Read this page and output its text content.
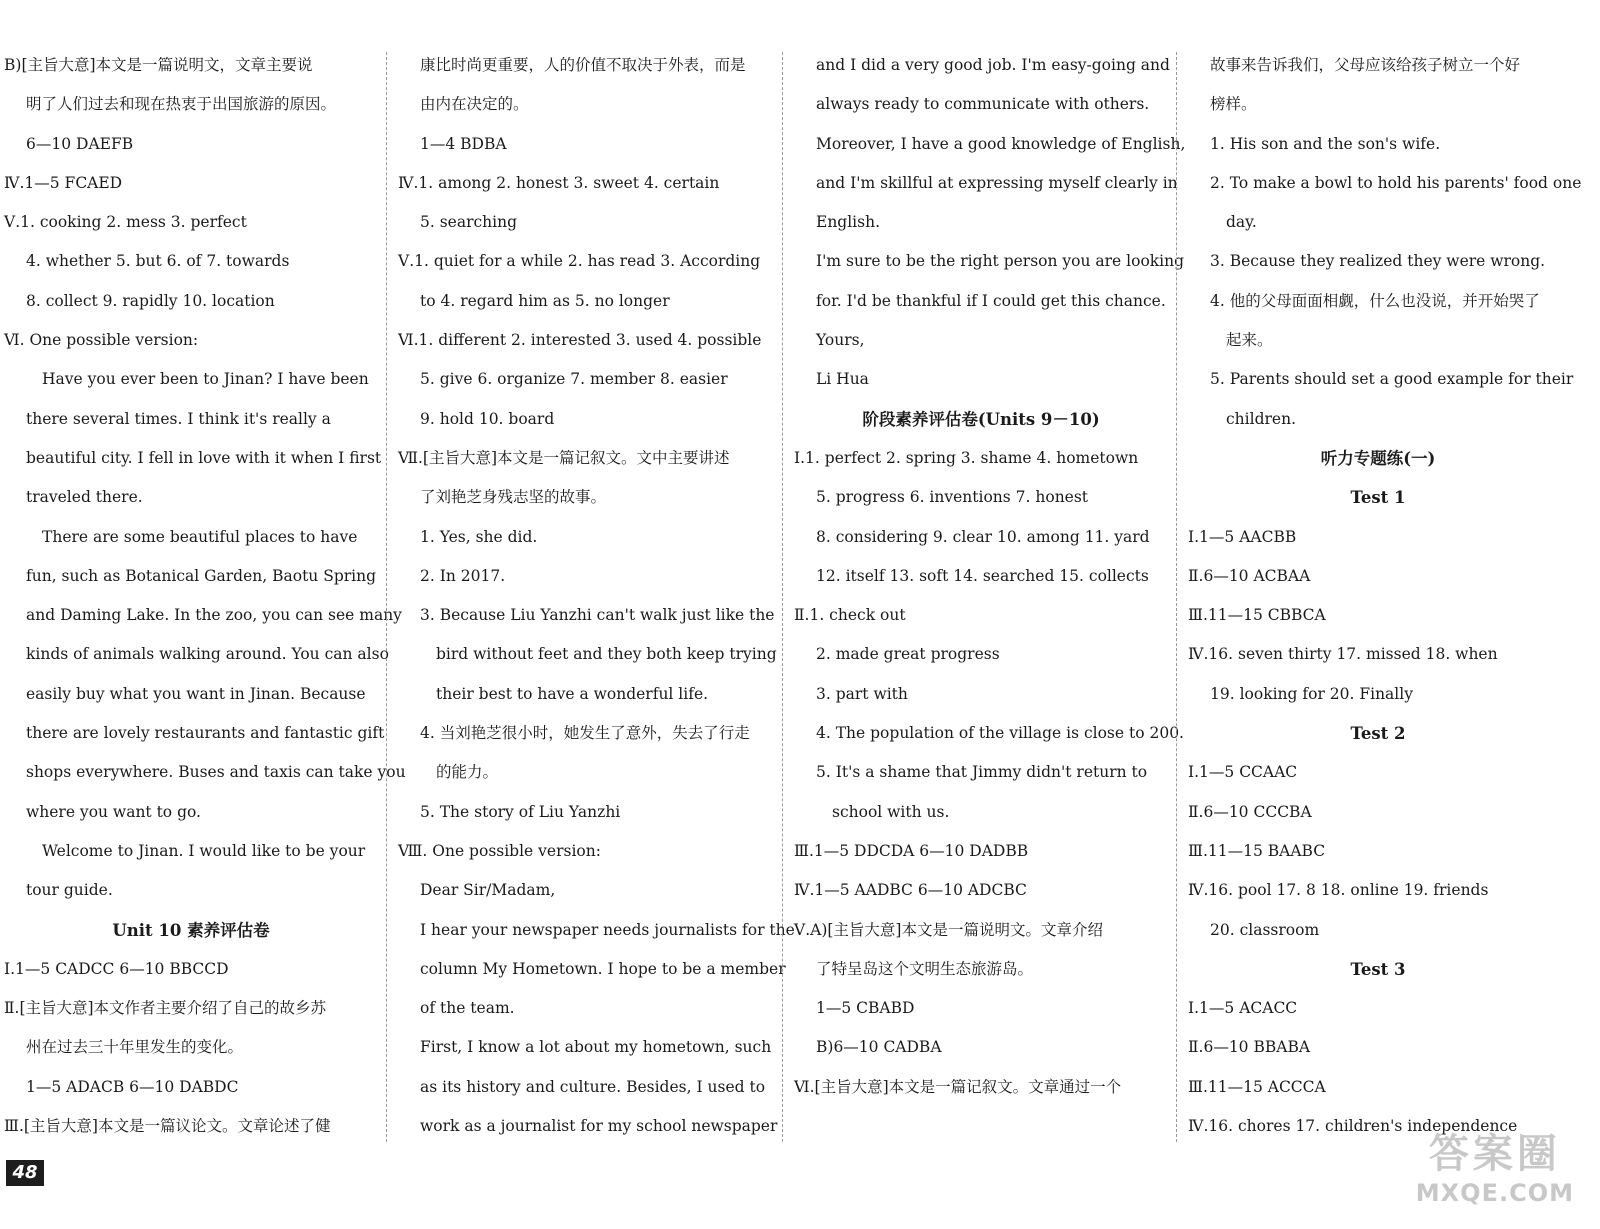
B)[主旨大意]本文是一篇说明文，文章主要说
明了人们过去和现在热衷于出国旅游的原因。
6—10 DAEFB
Ⅳ.1—5 FCAED
Ⅴ.1. cooking 2. mess 3. perfect
4. whether 5. but 6. of 7. towards
8. collect 9. rapidly 10. location
Ⅵ. One possible version:
Have you ever been to Jinan? I have been
there several times. I think it's really a
beautiful city. I fell in love with it when I first
traveled there.
There are some beautiful places to have
fun, such as Botanical Garden, Baotu Spring
and Daming Lake. In the zoo, you can see many
kinds of animals walking around. You can also
easily buy what you want in Jinan. Because
there are lovely restaurants and fantastic gift
shops everywhere. Buses and taxis can take you
where you want to go.
Welcome to Jinan. I would like to be your
tour guide.
Unit 10 素养评估卷
Ⅰ.1—5 CADCC 6—10 BBCCD
Ⅱ.[主旨大意]本文作者主要介绍了自己的故乡苏
州在过去三十年里发生的变化。
1—5 ADACB 6—10 DABDC
Ⅲ.[主旨大意]本文是一篇议论文。文章论述了健
康比时尚更重要，人的价值不取决于外表，而是
由内在决定的。
1—4 BDBA
Ⅳ.1. among 2. honest 3. sweet 4. certain
5. searching
Ⅴ.1. quiet for a while 2. has read 3. According
to 4. regard him as 5. no longer
Ⅵ.1. different 2. interested 3. used 4. possible
5. give 6. organize 7. member 8. easier
9. hold 10. board
Ⅶ.[主旨大意]本文是一篇记叙文。文中主要讲述
了刘艳芝身残志坚的故事。
1. Yes, she did.
2. In 2017.
3. Because Liu Yanzhi can't walk just like the
bird without feet and they both keep trying
their best to have a wonderful life.
4. 当刘艳芝很小时，她发生了意外，失去了行走
的能力。
5. The story of Liu Yanzhi
Ⅷ. One possible version:
Dear Sir/Madam,
I hear your newspaper needs journalists for the
column My Hometown. I hope to be a member
of the team.
First, I know a lot about my hometown, such
as its history and culture. Besides, I used to
work as a journalist for my school newspaper
and I did a very good job. I'm easy-going and
always ready to communicate with others.
Moreover, I have a good knowledge of English,
and I'm skillful at expressing myself clearly in
English.
I'm sure to be the right person you are looking
for. I'd be thankful if I could get this chance.
Yours,
Li Hua
阶段素养评估卷(Units 9－10)
Ⅰ.1. perfect 2. spring 3. shame 4. hometown
5. progress 6. inventions 7. honest
8. considering 9. clear 10. among 11. yard
12. itself 13. soft 14. searched 15. collects
Ⅱ.1. check out
2. made great progress
3. part with
4. The population of the village is close to 200.
5. It's a shame that Jimmy didn't return to
school with us.
Ⅲ.1—5 DDCDA 6—10 DADBB
Ⅳ.1—5 AADBC 6—10 ADCBC
Ⅴ.A)[主旨大意]本文是一篇说明文。文章介绍
了特呈岛这个文明生态旅游岛。
1—5 CBABD
B)6—10 CADBA
Ⅵ.[主旨大意]本文是一篇记叙文。文章通过一个
故事来告诉我们，父母应该给孩子树立一个好
榜样。
1. His son and the son's wife.
2. To make a bowl to hold his parents' food one
day.
3. Because they realized they were wrong.
4. 他的父母面面相觑，什么也没说，并开始哭了
起来。
5. Parents should set a good example for their
children.
听力专题练(一)
Test 1
Ⅰ.1—5 AACBB
Ⅱ.6—10 ACBAA
Ⅲ.11—15 CBBCA
Ⅳ.16. seven thirty 17. missed 18. when
19. looking for 20. Finally
Test 2
Ⅰ.1—5 CCAAC
Ⅱ.6—10 CCCBA
Ⅲ.11—15 BAABC
Ⅳ.16. pool 17. 8 18. online 19. friends
20. classroom
Test 3
Ⅰ.1—5 ACACC
Ⅱ.6—10 BBABA
Ⅲ.11—15 ACCCA
Ⅳ.16. chores 17. children's independence
48	答案圈
MXQE.COM
